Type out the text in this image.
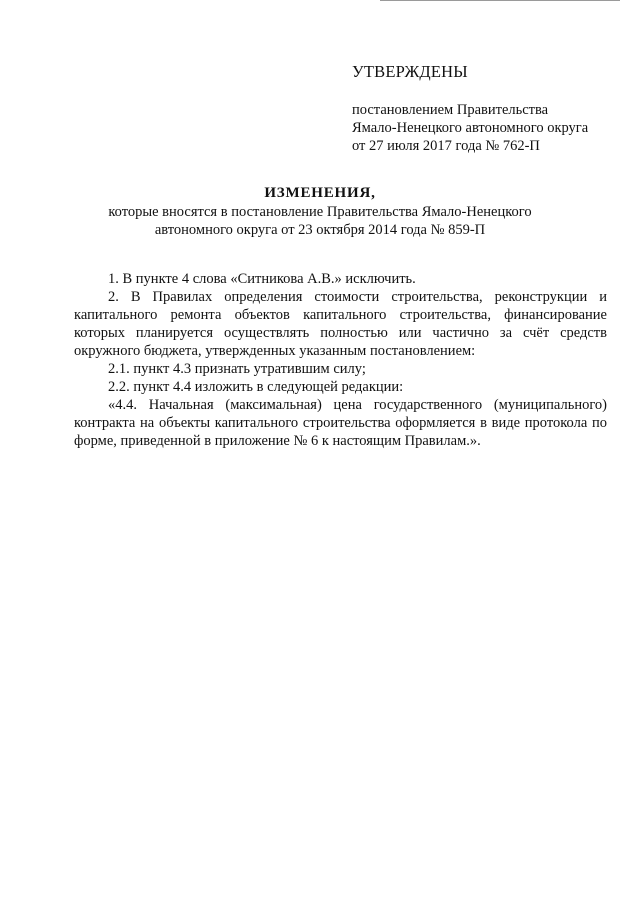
УТВЕРЖДЕНЫ

постановлением Правительства

Ямало-Ненецкого автономного округа

от 27 июля 2017 года № 762-П

ИЗМЕНЕНИЯ,

которые вносятся в постановление Правительства Ямало-Ненецкого

автономного округа от 23 октября 2014 года № 859-П

1. В пункте 4 слова «Ситникова А.В.» исключить.

2. В Правилах определения стоимости строительства, реконструкции и капитального ремонта объектов капитального строительства, финансирование которых планируется осуществлять полностью или частично за счёт средств окружного бюджета, утвержденных указанным постановлением:

2.1. пункт 4.3 признать утратившим силу;

2.2. пункт 4.4 изложить в следующей редакции:

«4.4. Начальная (максимальная) цена государственного (муниципального) контракта на объекты капитального строительства оформляется в виде протокола по форме, приведенной в приложение № 6 к настоящим Правилам.».
